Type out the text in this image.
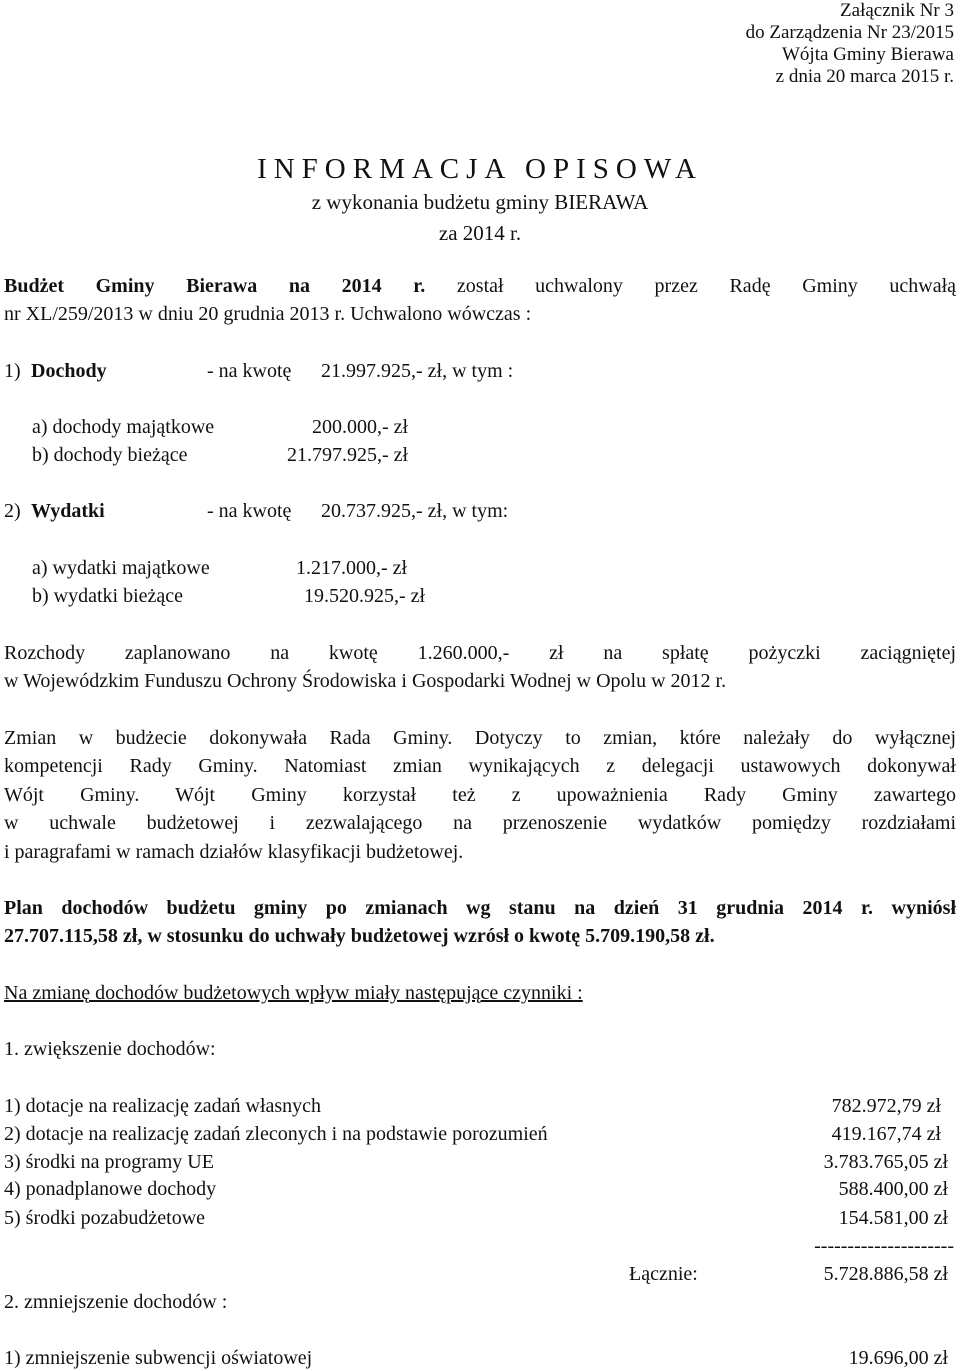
Załącznik Nr 3
do Zarządzenia Nr 23/2015
Wójta Gminy Bierawa
z dnia 20 marca 2015 r.
INFORMACJA OPISOWA
z wykonania budżetu gminy BIERAWA
za 2014 r.
Budżet Gminy Bierawa na 2014 r. został uchwalony przez Radę Gminy uchwałą
nr XL/259/2013 w dniu 20 grudnia 2013 r. Uchwalono wówczas :
1) Dochody	- na kwotę 21.997.925,- zł, w tym :
a) dochody majątkowe	200.000,- zł
b) dochody bieżące	21.797.925,- zł
2) Wydatki	- na kwotę 20.737.925,- zł, w tym:
a) wydatki majątkowe	1.217.000,- zł
b) wydatki bieżące	19.520.925,- zł
Rozchody zaplanowano na kwotę 1.260.000,- zł na spłatę pożyczki zaciągniętej
w Wojewódzkim Funduszu Ochrony Środowiska i Gospodarki Wodnej w Opolu w 2012 r.
Zmian w budżecie dokonywała Rada Gminy. Dotyczy to zmian, które należały do wyłącznej
kompetencji Rady Gminy. Natomiast zmian wynikających z delegacji ustawowych dokonywał
Wójt Gminy. Wójt Gminy korzystał też z upoważnienia Rady Gminy zawartego
w uchwale budżetowej i zezwalającego na przenoszenie wydatków pomiędzy rozdziałami
i paragrafami w ramach działów klasyfikacji budżetowej.
Plan dochodów budżetu gminy po zmianach wg stanu na dzień 31 grudnia 2014 r. wyniósł
27.707.115,58 zł, w stosunku do uchwały budżetowej wzrósł o kwotę 5.709.190,58 zł.
Na zmianę dochodów budżetowych wpływ miały następujące czynniki :
1. zwiększenie dochodów:
1) dotacje na realizację zadań własnych	782.972,79 zł
2) dotacje na realizację zadań zleconych i na podstawie porozumień	419.167,74 zł
3) środki na programy UE	3.783.765,05 zł
4) ponadplanowe dochody	588.400,00 zł
5) środki pozabudżetowe	154.581,00 zł
---------------------
Łącznie:	5.728.886,58 zł
2. zmniejszenie dochodów :
1) zmniejszenie subwencji oświatowej	19.696,00 zł
